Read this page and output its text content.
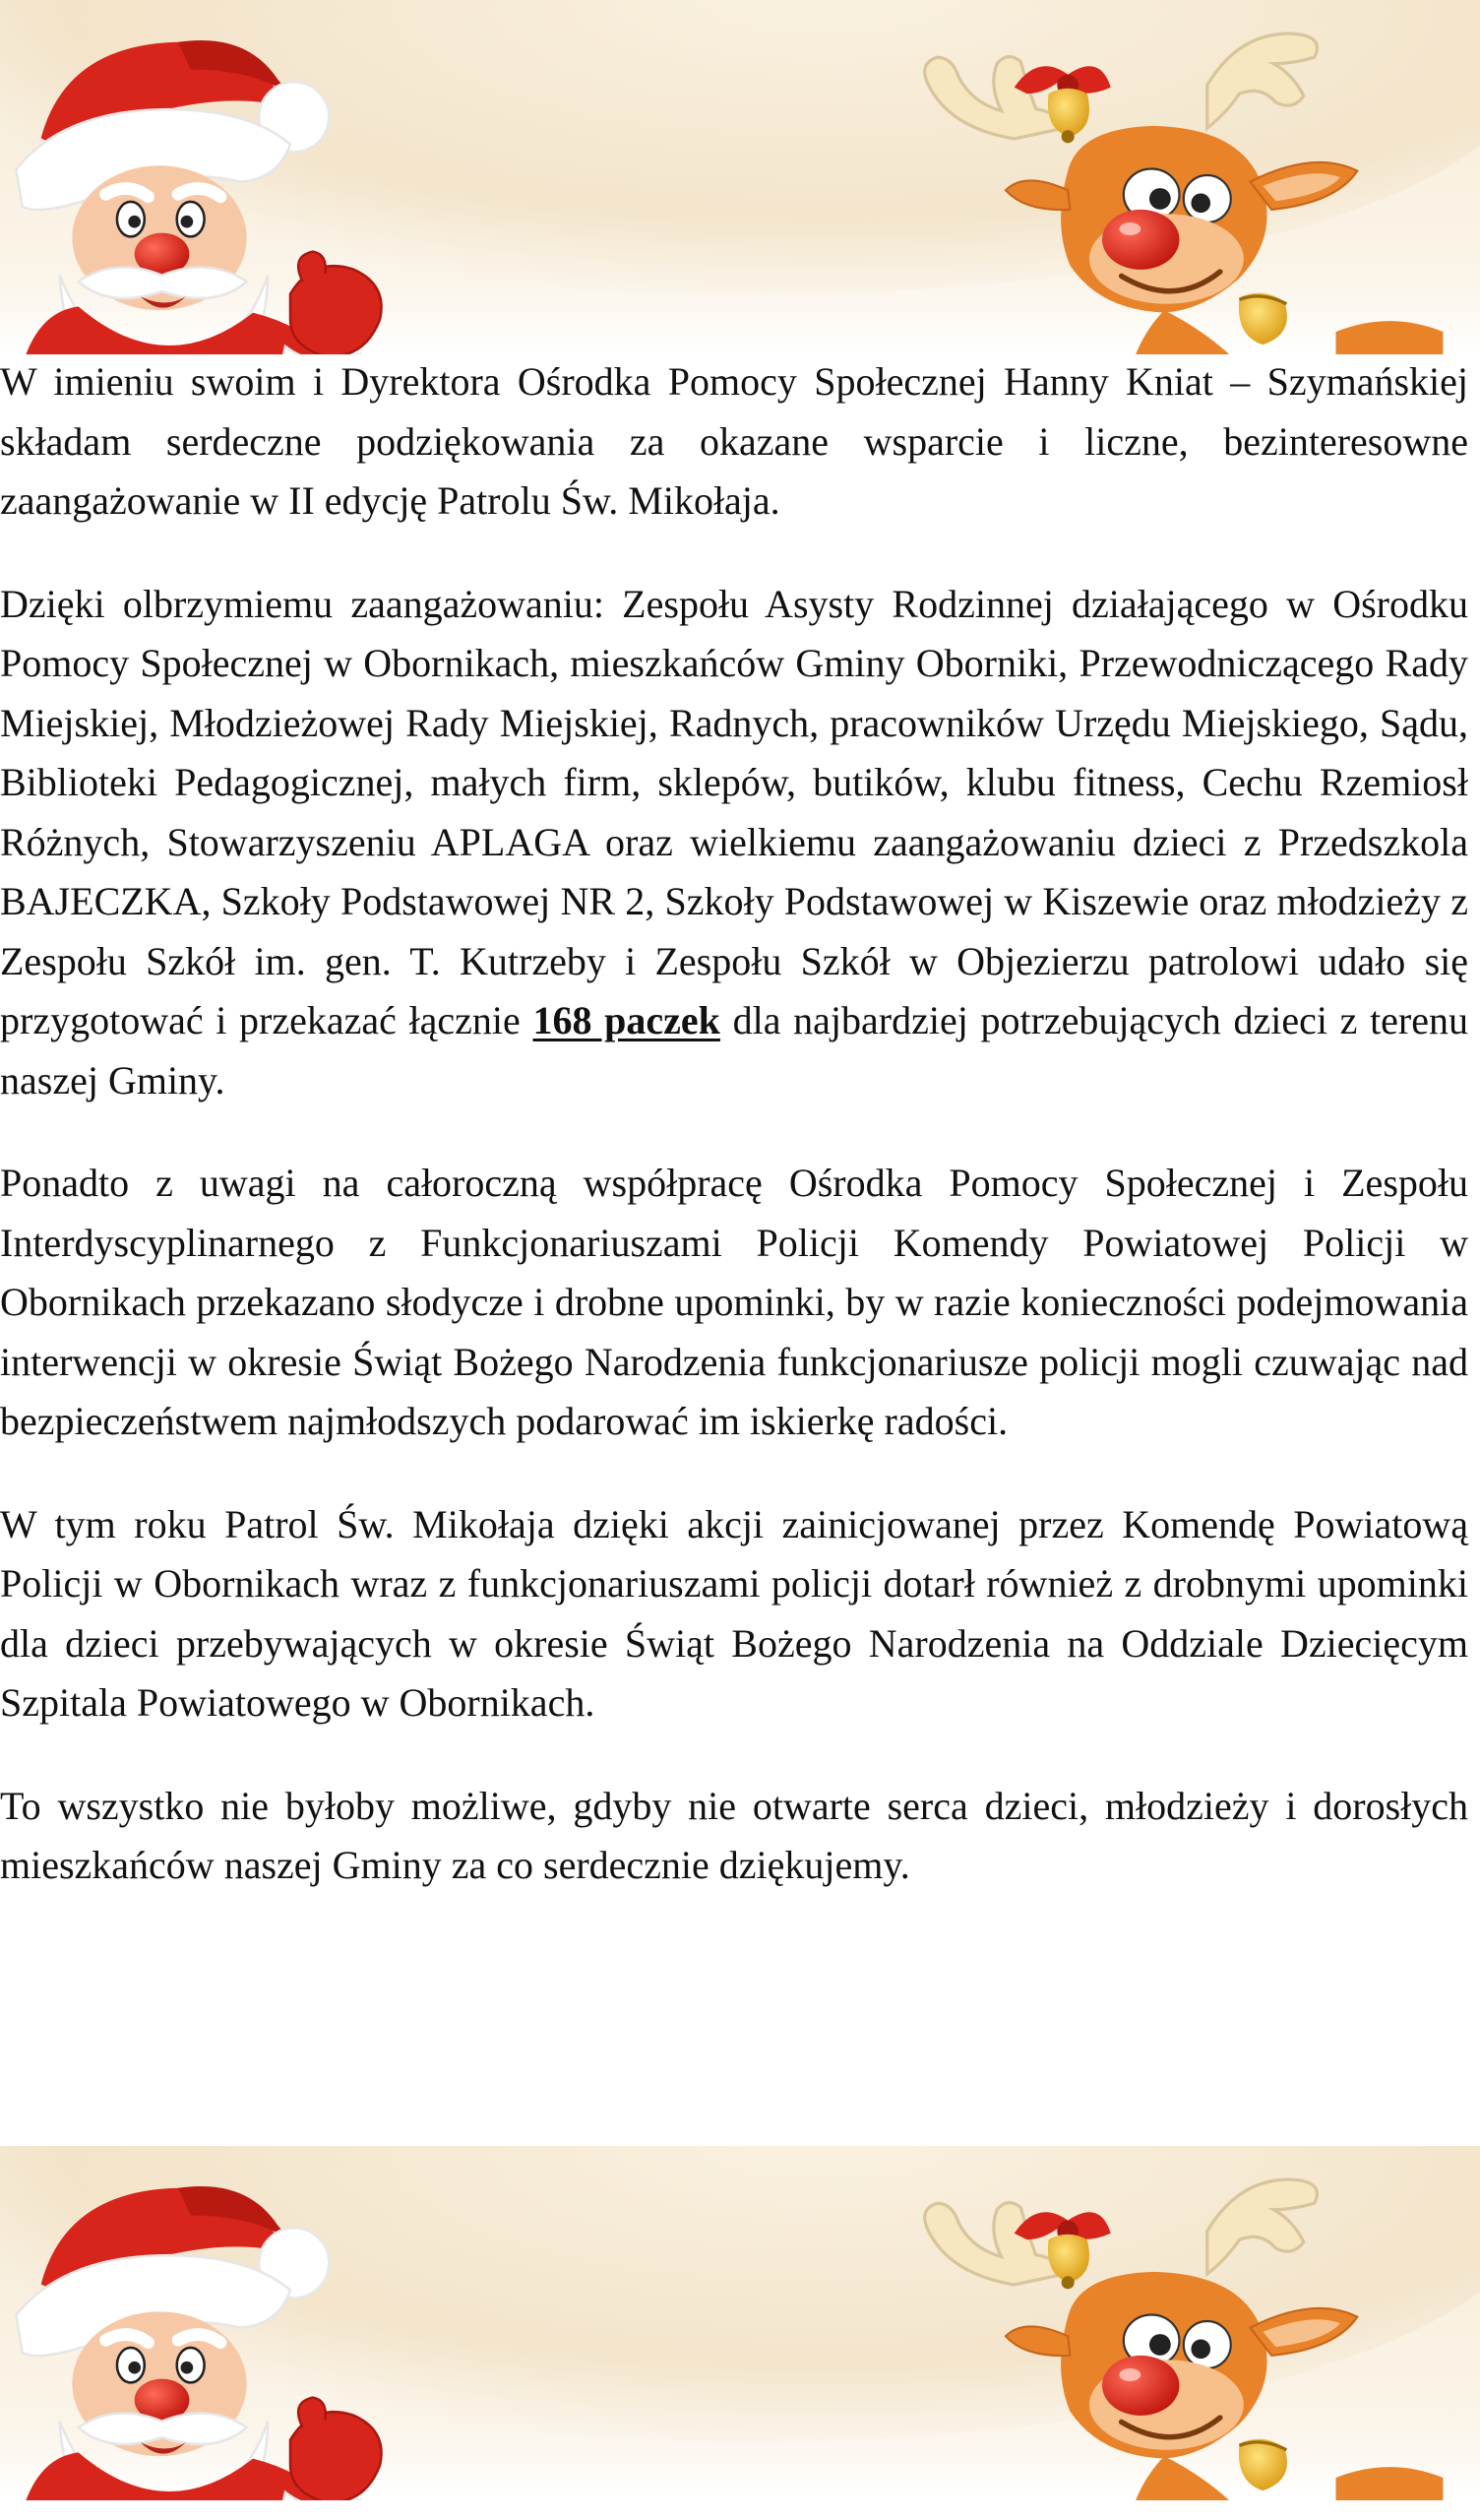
W imieniu swoim i Dyrektora Ośrodka Pomocy Społecznej Hanny Kniat – Szymańskiej składam serdeczne podziękowania za okazane wsparcie i liczne, bezinteresowne zaangażowanie w II edycję Patrolu Św. Mikołaja.

Dzięki olbrzymiemu zaangażowaniu: Zespołu Asysty Rodzinnej działającego w Ośrodku Pomocy Społecznej w Obornikach, mieszkańców Gminy Oborniki, Przewodniczącego Rady Miejskiej, Młodzieżowej Rady Miejskiej, Radnych, pracowników Urzędu Miejskiego, Sądu, Biblioteki Pedagogicznej, małych firm, sklepów, butików, klubu fitness, Cechu Rzemiosł Różnych, Stowarzyszeniu APLAGA oraz wielkiemu zaangażowaniu dzieci z Przedszkola BAJECZKA, Szkoły Podstawowej NR 2, Szkoły Podstawowej w Kiszewie oraz młodzieży z Zespołu Szkół im. gen. T. Kutrzeby i Zespołu Szkół w Objezierzu patrolowi udało się przygotować i przekazać łącznie 168 paczek dla najbardziej potrzebujących dzieci z terenu naszej Gminy.

Ponadto z uwagi na całoroczną współpracę Ośrodka Pomocy Społecznej i Zespołu Interdyscyplinarnego z Funkcjonariuszami Policji Komendy Powiatowej Policji w Obornikach przekazano słodycze i drobne upominki, by w razie konieczności podejmowania interwencji w okresie Świąt Bożego Narodzenia funkcjonariusze policji mogli czuwając nad bezpieczeństwem najmłodszych podarować im iskierkę radości.

W tym roku Patrol Św. Mikołaja dzięki akcji zainicjowanej przez Komendę Powiatową Policji w Obornikach wraz z funkcjonariuszami policji dotarł również z drobnymi upominki dla dzieci przebywających w okresie Świąt Bożego Narodzenia na Oddziale Dziecięcym Szpitala Powiatowego w Obornikach.

To wszystko nie byłoby możliwe, gdyby nie otwarte serca dzieci, młodzieży i dorosłych mieszkańców naszej Gminy za co serdecznie dziękujemy.
